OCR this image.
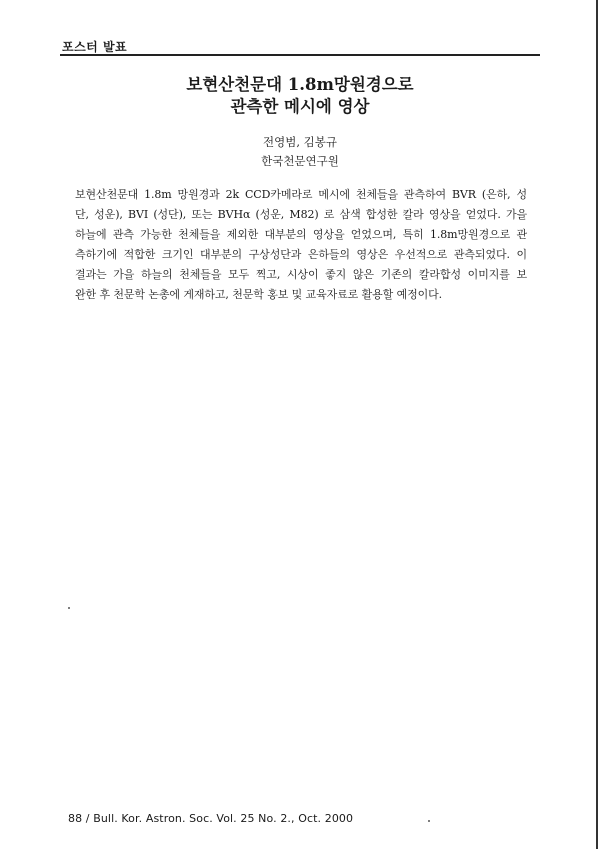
포스터 발표
보현산천문대 1.8m망원경으로
관측한 메시에 영상
전영범, 김봉규
한국천문연구원
보현산천문대 1.8m 망원경과 2k CCD카메라로 메시에 천체들을 관측하여 BVR (은하, 성
단, 성운), BVI (성단), 또는 BVHα (성운, M82) 로 삼색 합성한 칼라 영상을 얻었다. 가을
하늘에 관측 가능한 천체들을 제외한 대부분의 영상을 얻었으며, 특히 1.8m망원경으로 관
측하기에 적합한 크기인 대부분의 구상성단과 은하들의 영상은 우선적으로 관측되었다. 이
결과는 가을 하늘의 천체들을 모두 찍고, 시상이 좋지 않은 기존의 칼라합성 이미지를 보
완한 후 천문학 논총에 게재하고, 천문학 홍보 및 교육자료로 활용할 예정이다.
88 / Bull. Kor. Astron. Soc. Vol. 25 No. 2., Oct. 2000
